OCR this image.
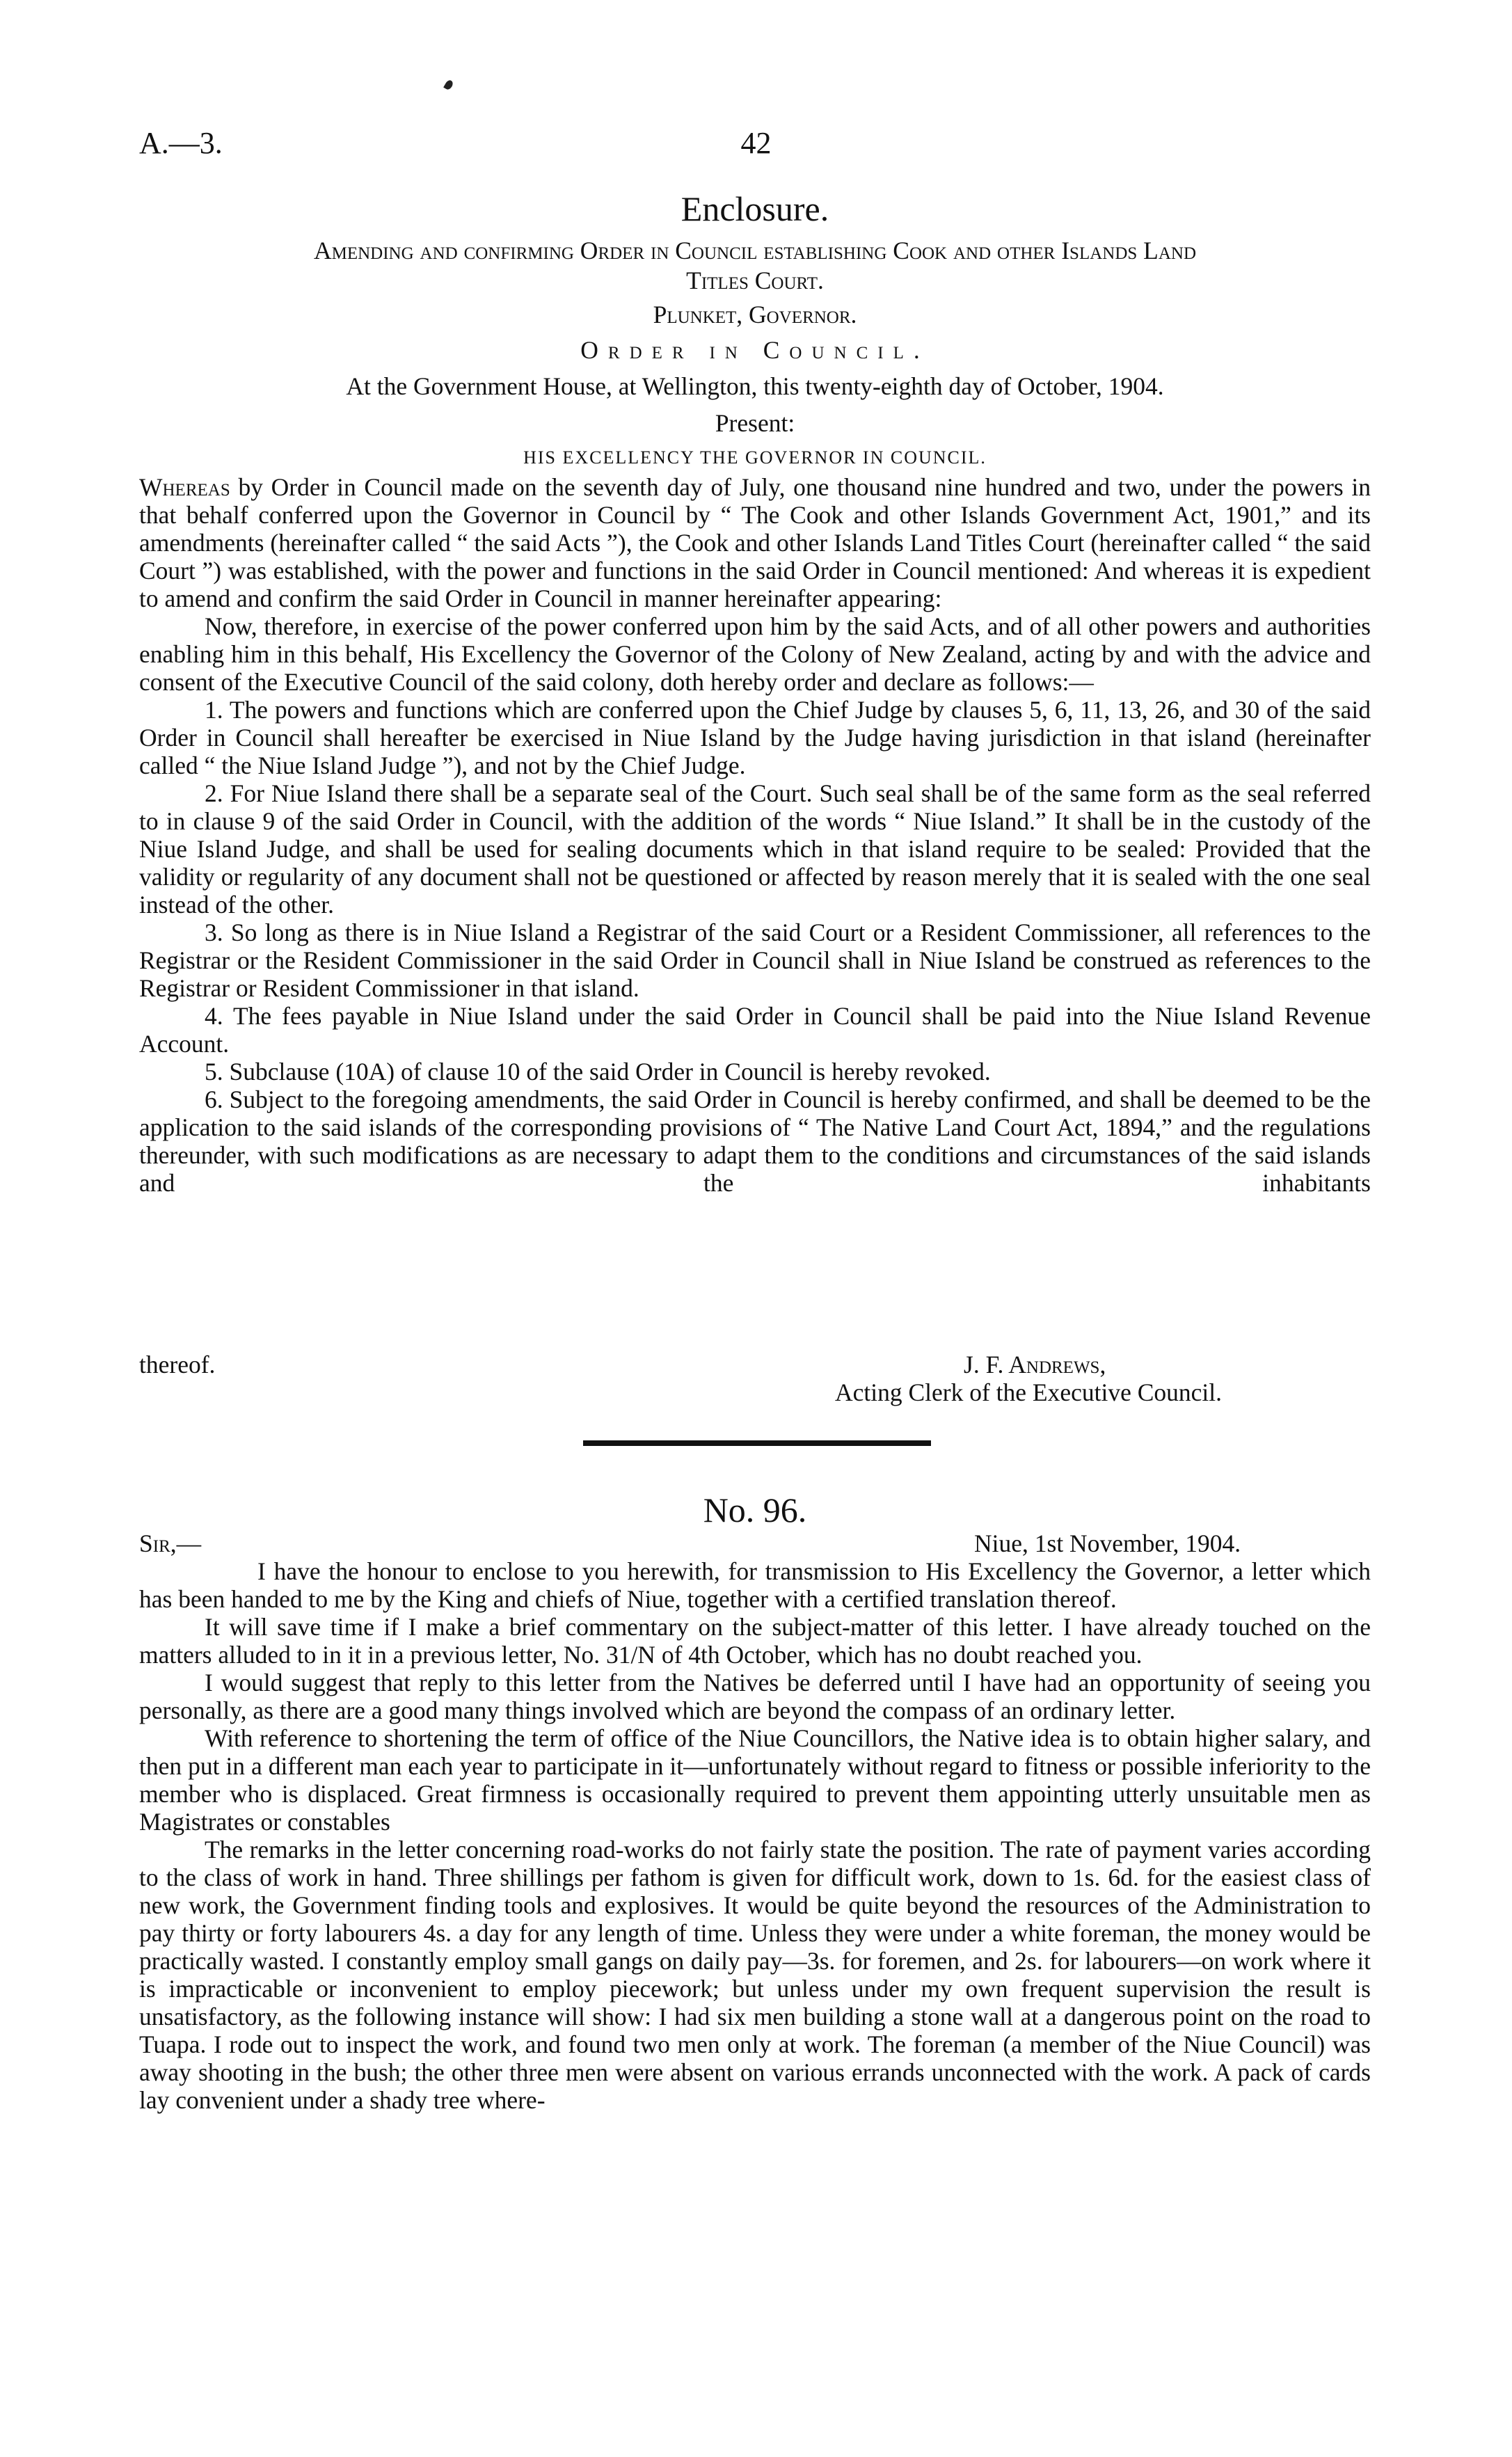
A.—3.	42
Enclosure.
Amending and confirming Order in Council establishing Cook and other Islands Land
Titles Court.
Plunket, Governor.
Order in Council.
At the Government House, at Wellington, this twenty-eighth day of October, 1904.
Present:
HIS EXCELLENCY THE GOVERNOR IN COUNCIL.

Whereas by Order in Council made on the seventh day of July, one thousand nine hundred and two, under the powers in that behalf conferred upon the Governor in Council by “ The Cook and other Islands Government Act, 1901,” and its amendments (hereinafter called “ the said Acts ”), the Cook and other Islands Land Titles Court (hereinafter called “ the said Court ”) was established, with the power and functions in the said Order in Council mentioned: And whereas it is expedient to amend and confirm the said Order in Council in manner hereinafter appearing:

Now, therefore, in exercise of the power conferred upon him by the said Acts, and of all other powers and authorities enabling him in this behalf, His Excellency the Governor of the Colony of New Zealand, acting by and with the advice and consent of the Executive Council of the said colony, doth hereby order and declare as follows:—

1. The powers and functions which are conferred upon the Chief Judge by clauses 5, 6, 11, 13, 26, and 30 of the said Order in Council shall hereafter be exercised in Niue Island by the Judge having jurisdiction in that island (hereinafter called “ the Niue Island Judge ”), and not by the Chief Judge.

2. For Niue Island there shall be a separate seal of the Court. Such seal shall be of the same form as the seal referred to in clause 9 of the said Order in Council, with the addition of the words “ Niue Island.” It shall be in the custody of the Niue Island Judge, and shall be used for sealing documents which in that island require to be sealed: Provided that the validity or regularity of any document shall not be questioned or affected by reason merely that it is sealed with the one seal instead of the other.

3. So long as there is in Niue Island a Registrar of the said Court or a Resident Commissioner, all references to the Registrar or the Resident Commissioner in the said Order in Council shall in Niue Island be construed as references to the Registrar or Resident Commissioner in that island.

4. The fees payable in Niue Island under the said Order in Council shall be paid into the Niue Island Revenue Account.

5. Subclause (10A) of clause 10 of the said Order in Council is hereby revoked.

6. Subject to the foregoing amendments, the said Order in Council is hereby confirmed, and shall be deemed to be the application to the said islands of the corresponding provisions of “ The Native Land Court Act, 1894,” and the regulations thereunder, with such modifications as are necessary to adapt them to the conditions and circumstances of the said islands and the inhabitants

thereof.	J. F. Andrews,
Acting Clerk of the Executive Council.
No. 96.
Sir,—	Niue, 1st November, 1904.

I have the honour to enclose to you herewith, for transmission to His Excellency the Governor, a letter which has been handed to me by the King and chiefs of Niue, together with a certified translation thereof.

It will save time if I make a brief commentary on the subject-matter of this letter. I have already touched on the matters alluded to in it in a previous letter, No. 31/N of 4th October, which has no doubt reached you.

I would suggest that reply to this letter from the Natives be deferred until I have had an opportunity of seeing you personally, as there are a good many things involved which are beyond the compass of an ordinary letter.

With reference to shortening the term of office of the Niue Councillors, the Native idea is to obtain higher salary, and then put in a different man each year to participate in it—unfortunately without regard to fitness or possible inferiority to the member who is displaced. Great firmness is occasionally required to prevent them appointing utterly unsuitable men as Magistrates or constables

The remarks in the letter concerning road-works do not fairly state the position. The rate of payment varies according to the class of work in hand. Three shillings per fathom is given for difficult work, down to 1s. 6d. for the easiest class of new work, the Government finding tools and explosives. It would be quite beyond the resources of the Administration to pay thirty or forty labourers 4s. a day for any length of time. Unless they were under a white foreman, the money would be practically wasted. I constantly employ small gangs on daily pay—3s. for foremen, and 2s. for labourers—on work where it is impracticable or inconvenient to employ piecework; but unless under my own frequent supervision the result is unsatisfactory, as the following instance will show: I had six men building a stone wall at a dangerous point on the road to Tuapa. I rode out to inspect the work, and found two men only at work. The foreman (a member of the Niue Council) was away shooting in the bush; the other three men were absent on various errands unconnected with the work. A pack of cards lay convenient under a shady tree where-
